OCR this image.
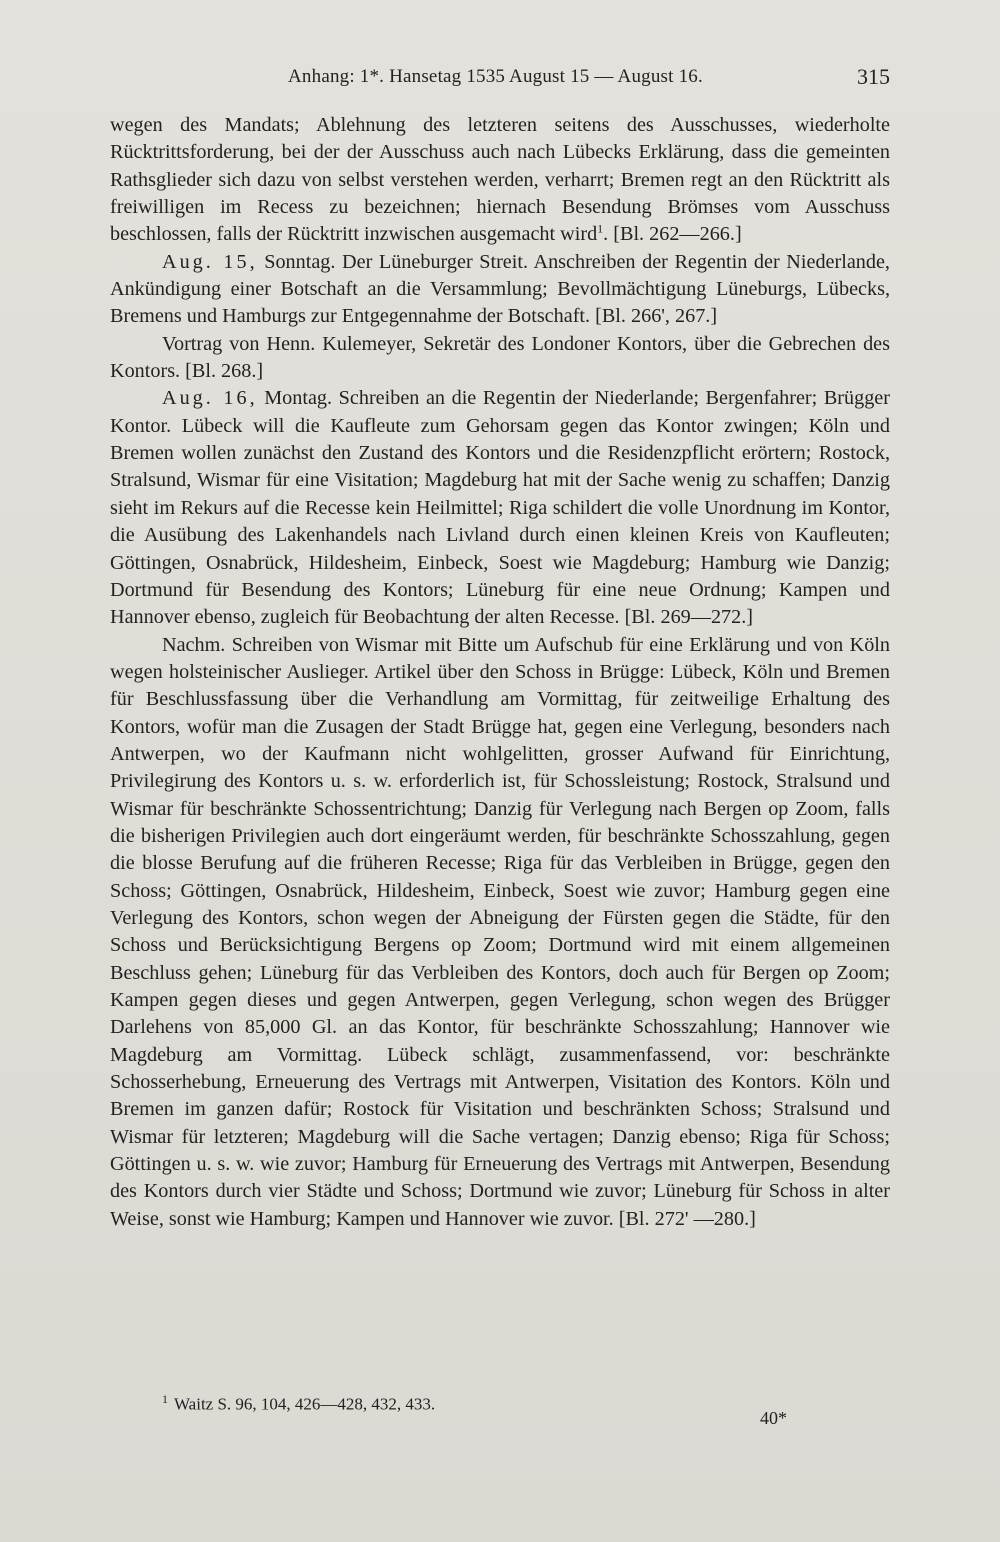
Anhang: 1*. Hansetag 1535 August 15 — August 16.	315

wegen des Mandats; Ablehnung des letzteren seitens des Ausschusses, wiederholte Rücktrittsforderung, bei der der Ausschuss auch nach Lübecks Erklärung, dass die gemeinten Rathsglieder sich dazu von selbst verstehen werden, verharrt; Bremen regt an den Rücktritt als freiwilligen im Recess zu bezeichnen; hiernach Besendung Brömses vom Ausschuss beschlossen, falls der Rücktritt inzwischen ausgemacht wird$^1$. [Bl. 262—266.]

Aug. 15, Sonntag. Der Lüneburger Streit. Anschreiben der Regentin der Niederlande, Ankündigung einer Botschaft an die Versammlung; Bevollmächtigung Lüneburgs, Lübecks, Bremens und Hamburgs zur Entgegennahme der Botschaft. [Bl. 266', 267.]

Vortrag von Henn. Kulemeyer, Sekretär des Londoner Kontors, über die Gebrechen des Kontors. [Bl. 268.]

Aug. 16, Montag. Schreiben an die Regentin der Niederlande; Bergenfahrer; Brügger Kontor. Lübeck will die Kaufleute zum Gehorsam gegen das Kontor zwingen; Köln und Bremen wollen zunächst den Zustand des Kontors und die Residenzpflicht erörtern; Rostock, Stralsund, Wismar für eine Visitation; Magdeburg hat mit der Sache wenig zu schaffen; Danzig sieht im Rekurs auf die Recesse kein Heilmittel; Riga schildert die volle Unordnung im Kontor, die Ausübung des Lakenhandels nach Livland durch einen kleinen Kreis von Kaufleuten; Göttingen, Osnabrück, Hildesheim, Einbeck, Soest wie Magdeburg; Hamburg wie Danzig; Dortmund für Besendung des Kontors; Lüneburg für eine neue Ordnung; Kampen und Hannover ebenso, zugleich für Beobachtung der alten Recesse. [Bl. 269—272.]

Nachm. Schreiben von Wismar mit Bitte um Aufschub für eine Erklärung und von Köln wegen holsteinischer Auslieger. Artikel über den Schoss in Brügge: Lübeck, Köln und Bremen für Beschlussfassung über die Verhandlung am Vormittag, für zeitweilige Erhaltung des Kontors, wofür man die Zusagen der Stadt Brügge hat, gegen eine Verlegung, besonders nach Antwerpen, wo der Kaufmann nicht wohlgelitten, grosser Aufwand für Einrichtung, Privilegirung des Kontors u. s. w. erforderlich ist, für Schossleistung; Rostock, Stralsund und Wismar für beschränkte Schossentrichtung; Danzig für Verlegung nach Bergen op Zoom, falls die bisherigen Privilegien auch dort eingeräumt werden, für beschränkte Schosszahlung, gegen die blosse Berufung auf die früheren Recesse; Riga für das Verbleiben in Brügge, gegen den Schoss; Göttingen, Osnabrück, Hildesheim, Einbeck, Soest wie zuvor; Hamburg gegen eine Verlegung des Kontors, schon wegen der Abneigung der Fürsten gegen die Städte, für den Schoss und Berücksichtigung Bergens op Zoom; Dortmund wird mit einem allgemeinen Beschluss gehen; Lüneburg für das Verbleiben des Kontors, doch auch für Bergen op Zoom; Kampen gegen dieses und gegen Antwerpen, gegen Verlegung, schon wegen des Brügger Darlehens von 85,000 Gl. an das Kontor, für beschränkte Schosszahlung; Hannover wie Magdeburg am Vormittag. Lübeck schlägt, zusammenfassend, vor: beschränkte Schosserhebung, Erneuerung des Vertrags mit Antwerpen, Visitation des Kontors. Köln und Bremen im ganzen dafür; Rostock für Visitation und beschränkten Schoss; Stralsund und Wismar für letzteren; Magdeburg will die Sache vertagen; Danzig ebenso; Riga für Schoss; Göttingen u. s. w. wie zuvor; Hamburg für Erneuerung des Vertrags mit Antwerpen, Besendung des Kontors durch vier Städte und Schoss; Dortmund wie zuvor; Lüneburg für Schoss in alter Weise, sonst wie Hamburg; Kampen und Hannover wie zuvor. [Bl. 272' —280.]

$^1$ Waitz S. 96, 104, 426—428, 432, 433.
40*
